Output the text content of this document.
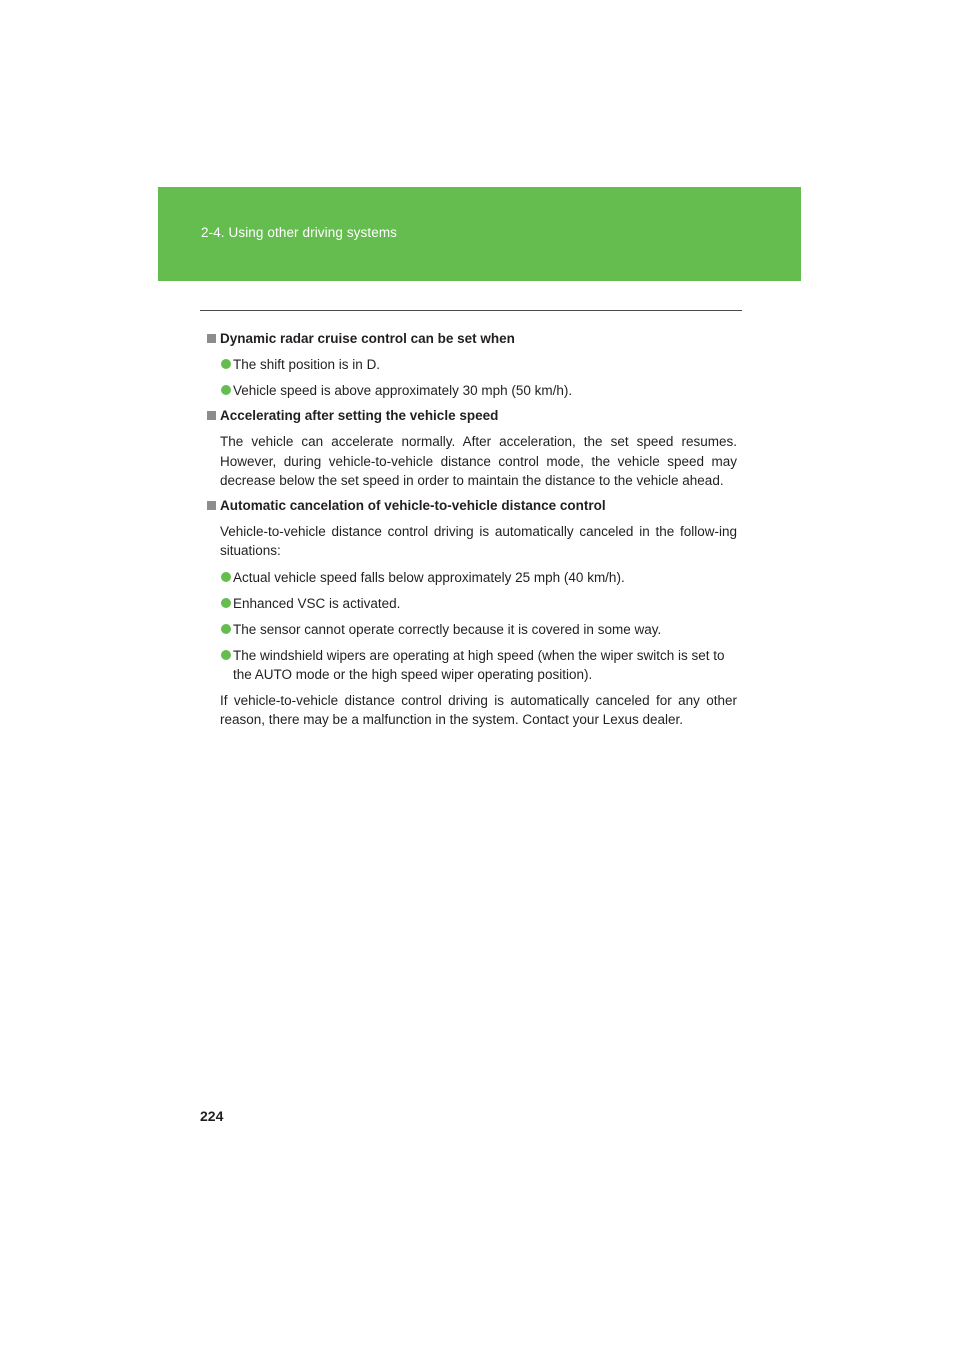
2-4. Using other driving systems
Dynamic radar cruise control can be set when
The shift position is in D.
Vehicle speed is above approximately 30 mph (50 km/h).
Accelerating after setting the vehicle speed
The vehicle can accelerate normally. After acceleration, the set speed resumes. However, during vehicle-to-vehicle distance control mode, the vehicle speed may decrease below the set speed in order to maintain the distance to the vehicle ahead.
Automatic cancelation of vehicle-to-vehicle distance control
Vehicle-to-vehicle distance control driving is automatically canceled in the follow-ing situations:
Actual vehicle speed falls below approximately 25 mph (40 km/h).
Enhanced VSC is activated.
The sensor cannot operate correctly because it is covered in some way.
The windshield wipers are operating at high speed (when the wiper switch is set to the AUTO mode or the high speed wiper operating position).
If vehicle-to-vehicle distance control driving is automatically canceled for any other reason, there may be a malfunction in the system. Contact your Lexus dealer.
224
